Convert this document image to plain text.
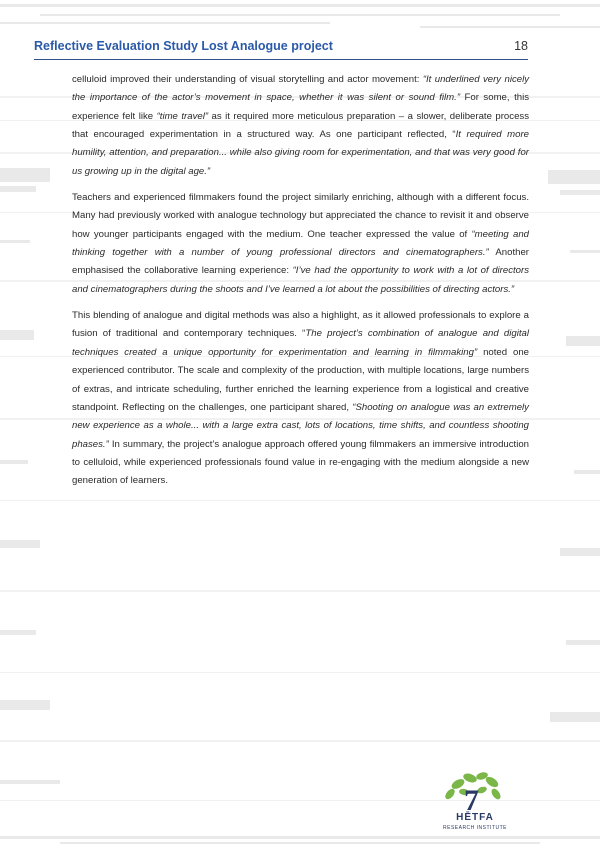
Reflective Evaluation Study Lost Analogue project	18

celluloid improved their understanding of visual storytelling and actor movement: “It underlined very nicely the importance of the actor’s movement in space, whether it was silent or sound film.” For some, this experience felt like “time travel” as it required more meticulous preparation – a slower, deliberate process that encouraged experimentation in a structured way. As one participant reflected, “It required more humility, attention, and preparation... while also giving room for experimentation, and that was very good for us growing up in the digital age.”

Teachers and experienced filmmakers found the project similarly enriching, although with a different focus. Many had previously worked with analogue technology but appreciated the chance to revisit it and observe how younger participants engaged with the medium. One teacher expressed the value of “meeting and thinking together with a number of young professional directors and cinematographers.” Another emphasised the collaborative learning experience: “I’ve had the opportunity to work with a lot of directors and cinematographers during the shoots and I’ve learned a lot about the possibilities of directing actors.”

This blending of analogue and digital methods was also a highlight, as it allowed professionals to explore a fusion of traditional and contemporary techniques. “The project’s combination of analogue and digital techniques created a unique opportunity for experimentation and learning in filmmaking” noted one experienced contributor. The scale and complexity of the production, with multiple locations, large numbers of extras, and intricate scheduling, further enriched the learning experience from a logistical and creative standpoint. Reflecting on the challenges, one participant shared, “Shooting on analogue was an extremely new experience as a whole... with a large extra cast, lots of locations, time shifts, and countless shooting phases.” In summary, the project’s analogue approach offered young filmmakers an immersive introduction to celluloid, while experienced professionals found value in re-engaging with the medium alongside a new generation of learners.

7
HĒTFA
RESEARCH INSTITUTE
